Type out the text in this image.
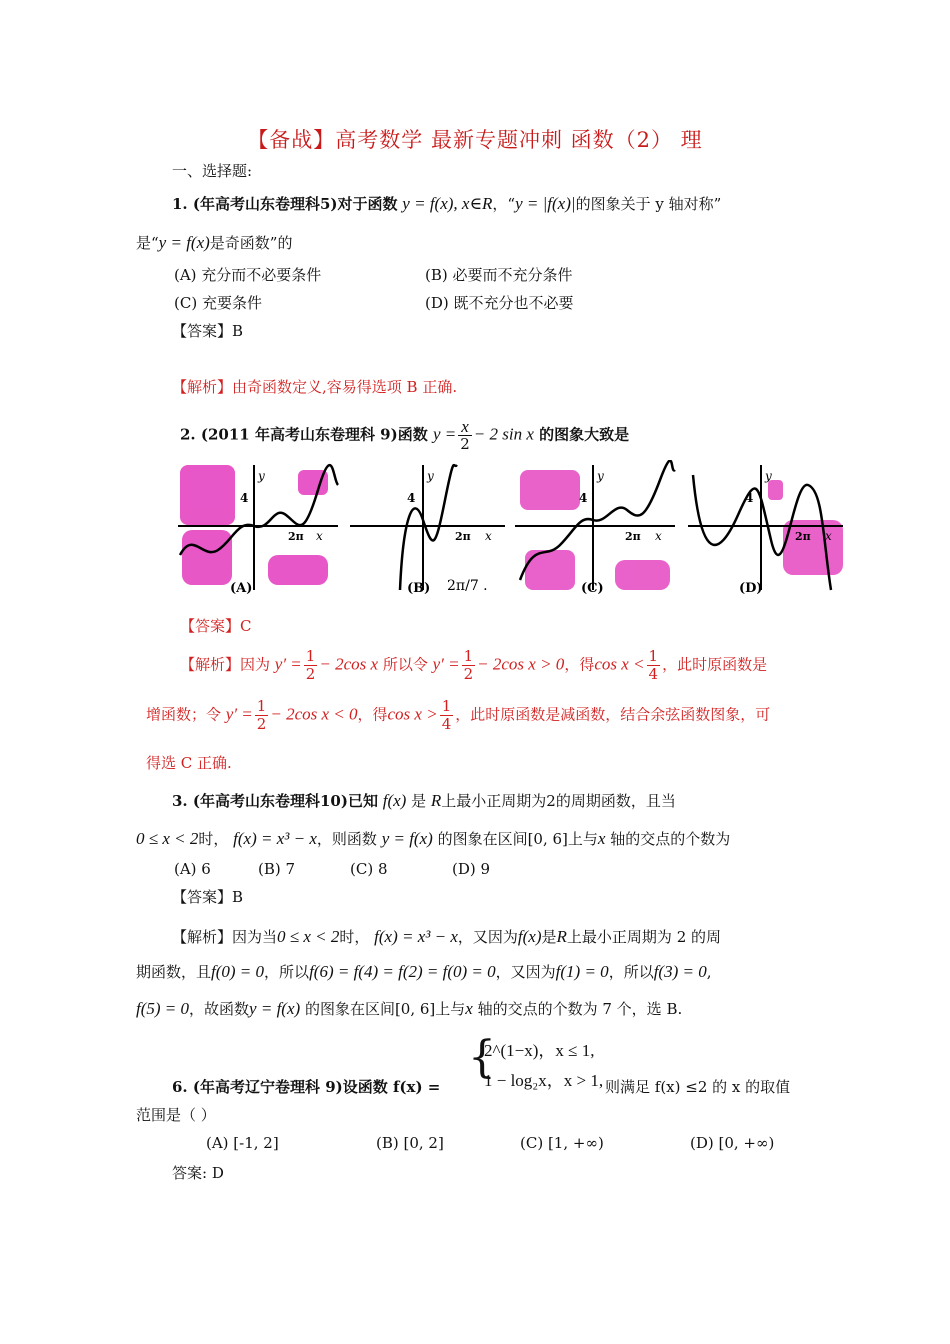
【备战】高考数学 最新专题冲刺 函数（2） 理
一、选择题:
1. (年高考山东卷理科5)对于函数 y = f(x), x∈R，“y = |f(x)|的图象关于 y 轴对称”
是“y = f(x)是奇函数”的
(A) 充分而不必要条件	(B) 必要而不充分条件
(C) 充要条件	(D) 既不充分也不必要
【答案】B
【解析】由奇函数定义,容易得选项 B 正确.
2. (2011 年高考山东卷理科 9)函数 $y = \frac{x}{2} - 2$ sin x 的图象大致是
4
2π x
y
(A)
4
2π x
y
(B) 2π/7 .
4
2π x
y
(C)
4
2π x
y
(D)
【答案】C
【解析】因为 $y' = \frac{1}{2} - 2\cos$ x 所以令 $y' = \frac{1}{2} - 2\cos$ x > 0，得$\cos x < \frac{1}{4}$ ，此时原函数是
增函数；令 $y' = \frac{1}{2} - 2\cos$ x < 0，得$\cos x > \frac{1}{4}$ ，此时原函数是减函数，结合余弦函数图象，可
得选 C 正确.
3. (年高考山东卷理科10)已知 f(x) 是 R上最小正周期为2的周期函数，且当
0 ≤ x < 2时， f(x) = x³ − x，则函数 y = f(x) 的图象在区间[0, 6]上与x 轴的交点的个数为
(A) 6	(B) 7	(C) 8	(D) 9
【答案】B
【解析】因为当0 ≤ x < 2时， f(x) = x³ − x，又因为f(x)是R上最小正周期为 2 的周
期函数，且f(0) = 0，所以f(6) = f(4) = f(2) = f(0) = 0，又因为f(1) = 0，所以f(3) = 0,
f(5) = 0，故函数y = f(x) 的图象在区间[0, 6]上与x 轴的交点的个数为 7 个，选 B.
{
2^(1−x)，x ≤ 1,
1 − log₂x，x > 1,
6. (年高考辽宁卷理科 9)设函数 f(x) =	则满足 f(x) ≤2 的 x 的取值
范围是（ ）
(A) [-1, 2]	(B) [0, 2]	(C) [1, +∞)	(D) [0, +∞)
答案: D
